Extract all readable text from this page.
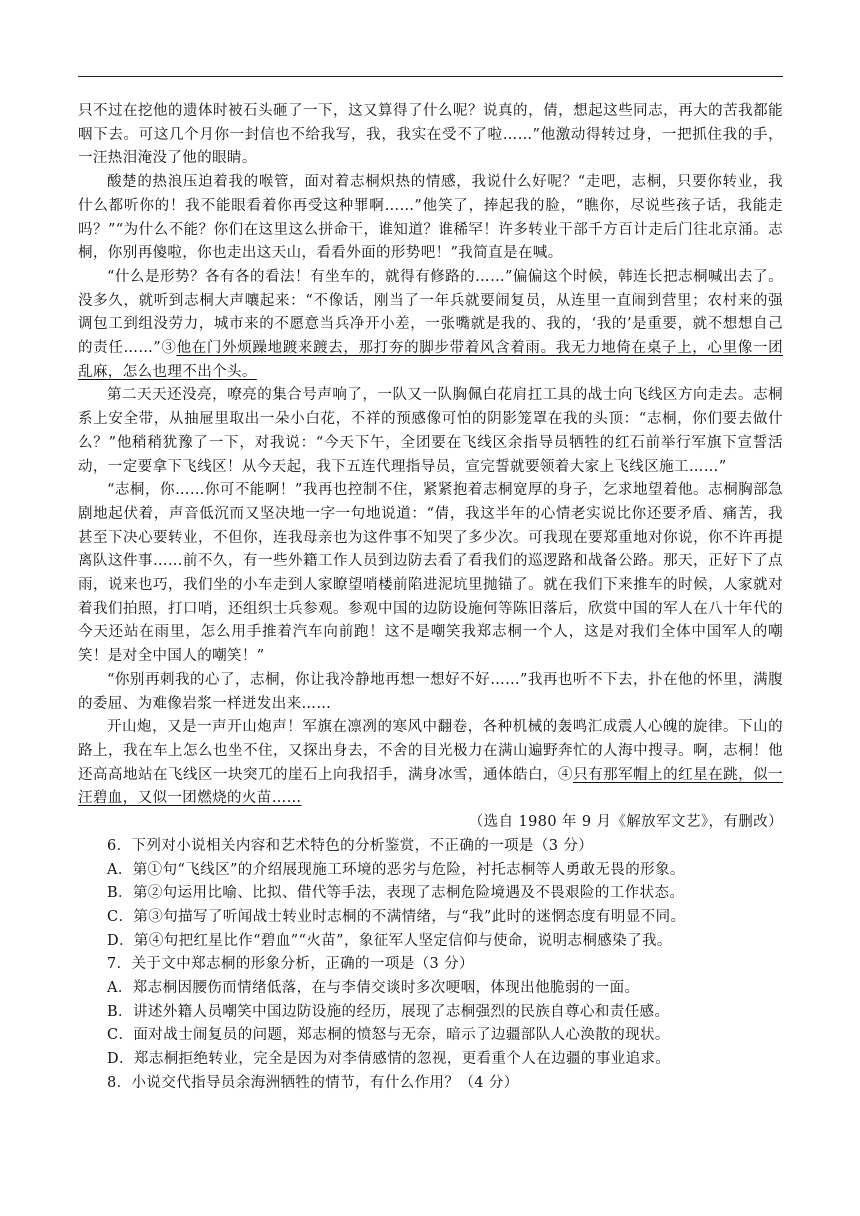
只不过在挖他的遗体时被石头砸了一下，这又算得了什么呢？说真的，倩，想起这些同志，再大的苦我都能咽下去。可这几个月你一封信也不给我写，我，我实在受不了啦……”他激动得转过身，一把抓住我的手，一汪热泪淹没了他的眼睛。

酸楚的热浪压迫着我的喉管，面对着志桐炽热的情感，我说什么好呢？“走吧，志桐，只要你转业，我什么都听你的！我不能眼看着你再受这种罪啊……”他笑了，捧起我的脸，“瞧你，尽说些孩子话，我能走吗？”“为什么不能？你们在这里这么拼命干，谁知道？谁稀罕！许多转业干部千方百计走后门往北京涌。志桐，你别再傻啦，你也走出这天山，看看外面的形势吧！”我简直是在喊。

“什么是形势？各有各的看法！有坐车的，就得有修路的……”偏偏这个时候，韩连长把志桐喊出去了。没多久，就听到志桐大声嚷起来：“不像话，刚当了一年兵就要闹复员，从连里一直闹到营里；农村来的强调包工到组没劳力，城市来的不愿意当兵净开小差，一张嘴就是我的、我的，‘我的’是重要，就不想想自己的责任……”③他在门外烦躁地踱来踱去，那打夯的脚步带着风含着雨。我无力地倚在桌子上，心里像一团乱麻，怎么也理不出个头。

第二天天还没亮，嘹亮的集合号声响了，一队又一队胸佩白花肩扛工具的战士向飞线区方向走去。志桐系上安全带，从抽屉里取出一朵小白花，不祥的预感像可怕的阴影笼罩在我的头顶：“志桐，你们要去做什么？”他稍稍犹豫了一下，对我说：“今天下午，全团要在飞线区余指导员牺牲的红石前举行军旗下宣誓活动，一定要拿下飞线区！从今天起，我下五连代理指导员，宣完誓就要领着大家上飞线区施工……”

“志桐，你……你可不能啊！”我再也控制不住，紧紧抱着志桐宽厚的身子，乞求地望着他。志桐胸部急剧地起伏着，声音低沉而又坚决地一字一句地说道：“倩，我这半年的心情老实说比你还要矛盾、痛苦，我甚至下决心要转业，不但你，连我母亲也为这件事不知哭了多少次。可我现在要郑重地对你说，你不许再提离队这件事……前不久，有一些外籍工作人员到边防去看了看我们的巡逻路和战备公路。那天，正好下了点雨，说来也巧，我们坐的小车走到人家瞭望哨楼前陷进泥坑里抛锚了。就在我们下来推车的时候，人家就对着我们拍照，打口哨，还组织士兵参观。参观中国的边防设施何等陈旧落后，欣赏中国的军人在八十年代的今天还站在雨里，怎么用手推着汽车向前跑！这不是嘲笑我郑志桐一个人，这是对我们全体中国军人的嘲笑！是对全中国人的嘲笑！”

“你别再刺我的心了，志桐，你让我冷静地再想一想好不好……”我再也听不下去，扑在他的怀里，满腹的委屈、为难像岩浆一样迸发出来……

开山炮，又是一声开山炮声！军旗在凛冽的寒风中翻卷，各种机械的轰鸣汇成震人心魄的旋律。下山的路上，我在车上怎么也坐不住，又探出身去，不舍的目光极力在满山遍野奔忙的人海中搜寻。啊，志桐！他还高高地站在飞线区一块突兀的崖石上向我招手，满身冰雪，通体皓白，④只有那军帽上的红星在跳，似一汪碧血，又似一团燃烧的火苗……

（选自 1980 年 9 月《解放军文艺》，有删改）

6．下列对小说相关内容和艺术特色的分析鉴赏，不正确的一项是（3 分）

A．第①句“飞线区”的介绍展现施工环境的恶劣与危险，衬托志桐等人勇敢无畏的形象。

B．第②句运用比喻、比拟、借代等手法，表现了志桐危险境遇及不畏艰险的工作状态。

C．第③句描写了听闻战士转业时志桐的不满情绪，与“我”此时的迷惘态度有明显不同。

D．第④句把红星比作“碧血”“火苗”，象征军人坚定信仰与使命，说明志桐感染了我。

7．关于文中郑志桐的形象分析，正确的一项是（3 分）

A．郑志桐因腰伤而情绪低落，在与李倩交谈时多次哽咽，体现出他脆弱的一面。

B．讲述外籍人员嘲笑中国边防设施的经历，展现了志桐强烈的民族自尊心和责任感。

C．面对战士闹复员的问题，郑志桐的愤怒与无奈，暗示了边疆部队人心涣散的现状。

D．郑志桐拒绝转业，完全是因为对李倩感情的忽视，更看重个人在边疆的事业追求。

8．小说交代指导员余海洲牺牲的情节，有什么作用？（4 分）
